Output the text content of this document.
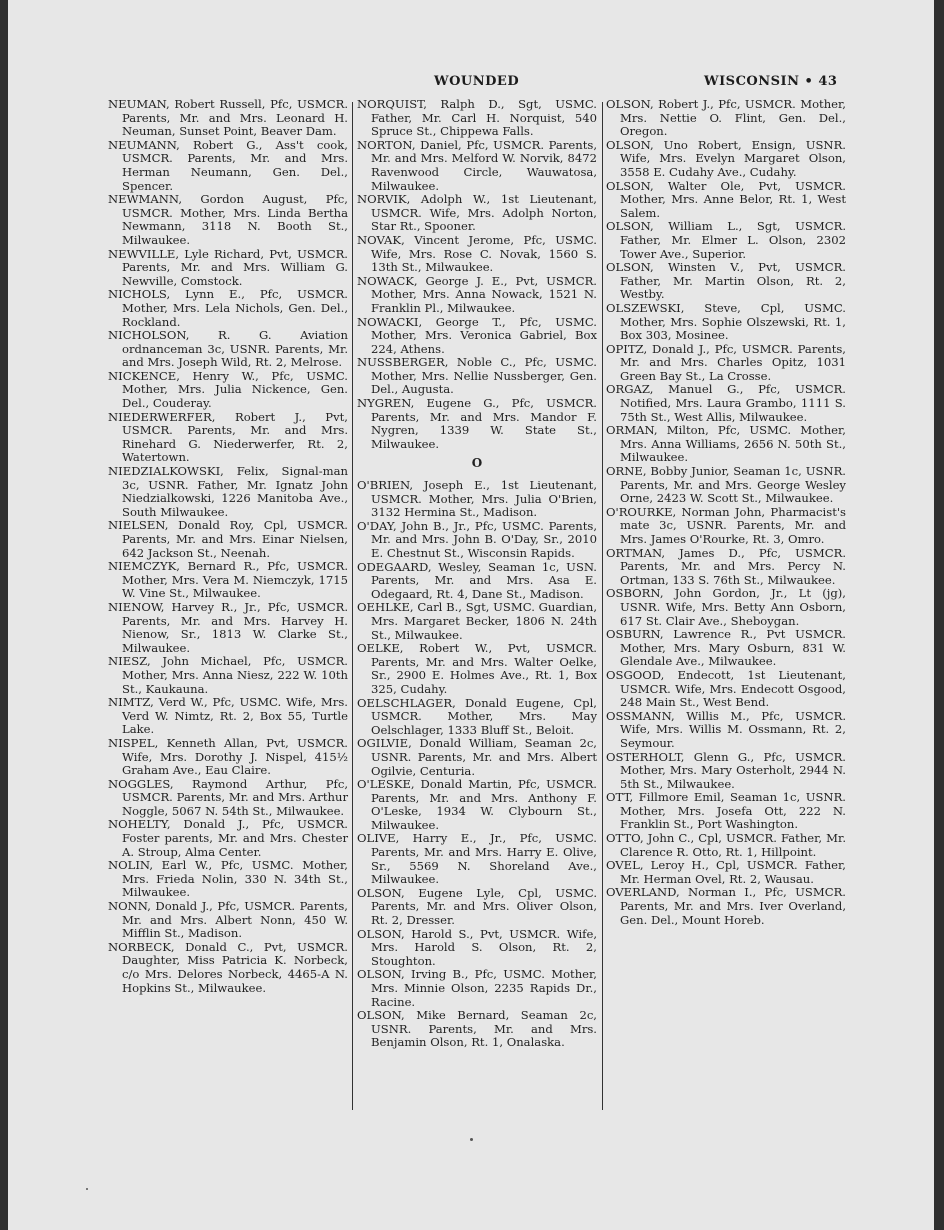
WOUNDED	WISCONSIN • 43

NEUMAN, Robert Russell, Pfc, USMCR. Parents, Mr. and Mrs. Leonard H. Neuman, Sunset Point, Beaver Dam.

NEUMANN, Robert G., Ass't cook, USMCR. Parents, Mr. and Mrs. Herman Neumann, Gen. Del., Spencer.

NEWMANN, Gordon August, Pfc, USMCR. Mother, Mrs. Linda Bertha Newmann, 3118 N. Booth St., Milwaukee.

NEWVILLE, Lyle Richard, Pvt, USMCR. Parents, Mr. and Mrs. William G. Newville, Comstock.

NICHOLS, Lynn E., Pfc, USMCR. Mother, Mrs. Lela Nichols, Gen. Del., Rockland.

NICHOLSON, R. G. Aviation ordnanceman 3c, USNR. Parents, Mr. and Mrs. Joseph Wild, Rt. 2, Melrose.

NICKENCE, Henry W., Pfc, USMC. Mother, Mrs. Julia Nickence, Gen. Del., Couderay.

NIEDERWERFER, Robert J., Pvt, USMCR. Parents, Mr. and Mrs. Rinehard G. Niederwerfer, Rt. 2, Watertown.

NIEDZIALKOWSKI, Felix, Signal-man 3c, USNR. Father, Mr. Ignatz John Niedzialkowski, 1226 Manitoba Ave., South Milwaukee.

NIELSEN, Donald Roy, Cpl, USMCR. Parents, Mr. and Mrs. Einar Nielsen, 642 Jackson St., Neenah.

NIEMCZYK, Bernard R., Pfc, USMCR. Mother, Mrs. Vera M. Niemczyk, 1715 W. Vine St., Milwaukee.

NIENOW, Harvey R., Jr., Pfc, USMCR. Parents, Mr. and Mrs. Harvey H. Nienow, Sr., 1813 W. Clarke St., Milwaukee.

NIESZ, John Michael, Pfc, USMCR. Mother, Mrs. Anna Niesz, 222 W. 10th St., Kaukauna.

NIMTZ, Verd W., Pfc, USMC. Wife, Mrs. Verd W. Nimtz, Rt. 2, Box 55, Turtle Lake.

NISPEL, Kenneth Allan, Pvt, USMCR. Wife, Mrs. Dorothy J. Nispel, 415½ Graham Ave., Eau Claire.

NOGGLES, Raymond Arthur, Pfc, USMCR. Parents, Mr. and Mrs. Arthur Noggle, 5067 N. 54th St., Milwaukee.

NOHELTY, Donald J., Pfc, USMCR. Foster parents, Mr. and Mrs. Chester A. Stroup, Alma Center.

NOLIN, Earl W., Pfc, USMC. Mother, Mrs. Frieda Nolin, 330 N. 34th St., Milwaukee.

NONN, Donald J., Pfc, USMCR. Parents, Mr. and Mrs. Albert Nonn, 450 W. Mifflin St., Madison.

NORBECK, Donald C., Pvt, USMCR. Daughter, Miss Patricia K. Norbeck, c/o Mrs. Delores Norbeck, 4465-A N. Hopkins St., Milwaukee.

NORQUIST, Ralph D., Sgt, USMC. Father, Mr. Carl H. Norquist, 540 Spruce St., Chippewa Falls.

NORTON, Daniel, Pfc, USMCR. Parents, Mr. and Mrs. Melford W. Norvik, 8472 Ravenwood Circle, Wauwatosa, Milwaukee.

NORVIK, Adolph W., 1st Lieutenant, USMCR. Wife, Mrs. Adolph Norton, Star Rt., Spooner.

NOVAK, Vincent Jerome, Pfc, USMC. Wife, Mrs. Rose C. Novak, 1560 S. 13th St., Milwaukee.

NOWACK, George J. E., Pvt, USMCR. Mother, Mrs. Anna Nowack, 1521 N. Franklin Pl., Milwaukee.

NOWACKI, George T., Pfc, USMC. Mother, Mrs. Veronica Gabriel, Box 224, Athens.

NUSSBERGER, Noble C., Pfc, USMC. Mother, Mrs. Nellie Nussberger, Gen. Del., Augusta.

NYGREN, Eugene G., Pfc, USMCR. Parents, Mr. and Mrs. Mandor F. Nygren, 1339 W. State St., Milwaukee.

O

O'BRIEN, Joseph E., 1st Lieutenant, USMCR. Mother, Mrs. Julia O'Brien, 3132 Hermina St., Madison.

O'DAY, John B., Jr., Pfc, USMC. Parents, Mr. and Mrs. John B. O'Day, Sr., 2010 E. Chestnut St., Wisconsin Rapids.

ODEGAARD, Wesley, Seaman 1c, USN. Parents, Mr. and Mrs. Asa E. Odegaard, Rt. 4, Dane St., Madison.

OEHLKE, Carl B., Sgt, USMC. Guardian, Mrs. Margaret Becker, 1806 N. 24th St., Milwaukee.

OELKE, Robert W., Pvt, USMCR. Parents, Mr. and Mrs. Walter Oelke, Sr., 2900 E. Holmes Ave., Rt. 1, Box 325, Cudahy.

OELSCHLAGER, Donald Eugene, Cpl, USMCR. Mother, Mrs. May Oelschlager, 1333 Bluff St., Beloit.

OGILVIE, Donald William, Seaman 2c, USNR. Parents, Mr. and Mrs. Albert Ogilvie, Centuria.

O'LESKE, Donald Martin, Pfc, USMCR. Parents, Mr. and Mrs. Anthony F. O'Leske, 1934 W. Clybourn St., Milwaukee.

OLIVE, Harry E., Jr., Pfc, USMC. Parents, Mr. and Mrs. Harry E. Olive, Sr., 5569 N. Shoreland Ave., Milwaukee.

OLSON, Eugene Lyle, Cpl, USMC. Parents, Mr. and Mrs. Oliver Olson, Rt. 2, Dresser.

OLSON, Harold S., Pvt, USMCR. Wife, Mrs. Harold S. Olson, Rt. 2, Stoughton.

OLSON, Irving B., Pfc, USMC. Mother, Mrs. Minnie Olson, 2235 Rapids Dr., Racine.

OLSON, Mike Bernard, Seaman 2c, USNR. Parents, Mr. and Mrs. Benjamin Olson, Rt. 1, Onalaska.

OLSON, Robert J., Pfc, USMCR. Mother, Mrs. Nettie O. Flint, Gen. Del., Oregon.

OLSON, Uno Robert, Ensign, USNR. Wife, Mrs. Evelyn Margaret Olson, 3558 E. Cudahy Ave., Cudahy.

OLSON, Walter Ole, Pvt, USMCR. Mother, Mrs. Anne Belor, Rt. 1, West Salem.

OLSON, William L., Sgt, USMCR. Father, Mr. Elmer L. Olson, 2302 Tower Ave., Superior.

OLSON, Winsten V., Pvt, USMCR. Father, Mr. Martin Olson, Rt. 2, Westby.

OLSZEWSKI, Steve, Cpl, USMC. Mother, Mrs. Sophie Olszewski, Rt. 1, Box 303, Mosinee.

OPITZ, Donald J., Pfc, USMCR. Parents, Mr. and Mrs. Charles Opitz, 1031 Green Bay St., La Crosse.

ORGAZ, Manuel G., Pfc, USMCR. Notified, Mrs. Laura Grambo, 1111 S. 75th St., West Allis, Milwaukee.

ORMAN, Milton, Pfc, USMC. Mother, Mrs. Anna Williams, 2656 N. 50th St., Milwaukee.

ORNE, Bobby Junior, Seaman 1c, USNR. Parents, Mr. and Mrs. George Wesley Orne, 2423 W. Scott St., Milwaukee.

O'ROURKE, Norman John, Pharmacist's mate 3c, USNR. Parents, Mr. and Mrs. James O'Rourke, Rt. 3, Omro.

ORTMAN, James D., Pfc, USMCR. Parents, Mr. and Mrs. Percy N. Ortman, 133 S. 76th St., Milwaukee.

OSBORN, John Gordon, Jr., Lt (jg), USNR. Wife, Mrs. Betty Ann Osborn, 617 St. Clair Ave., Sheboygan.

OSBURN, Lawrence R., Pvt USMCR. Mother, Mrs. Mary Osburn, 831 W. Glendale Ave., Milwaukee.

OSGOOD, Endecott, 1st Lieutenant, USMCR. Wife, Mrs. Endecott Osgood, 248 Main St., West Bend.

OSSMANN, Willis M., Pfc, USMCR. Wife, Mrs. Willis M. Ossmann, Rt. 2, Seymour.

OSTERHOLT, Glenn G., Pfc, USMCR. Mother, Mrs. Mary Osterholt, 2944 N. 5th St., Milwaukee.

OTT, Fillmore Emil, Seaman 1c, USNR. Mother, Mrs. Josefa Ott, 222 N. Franklin St., Port Washington.

OTTO, John C., Cpl, USMCR. Father, Mr. Clarence R. Otto, Rt. 1, Hillpoint.

OVEL, Leroy H., Cpl, USMCR. Father, Mr. Herman Ovel, Rt. 2, Wausau.

OVERLAND, Norman I., Pfc, USMCR. Parents, Mr. and Mrs. Iver Overland, Gen. Del., Mount Horeb.
